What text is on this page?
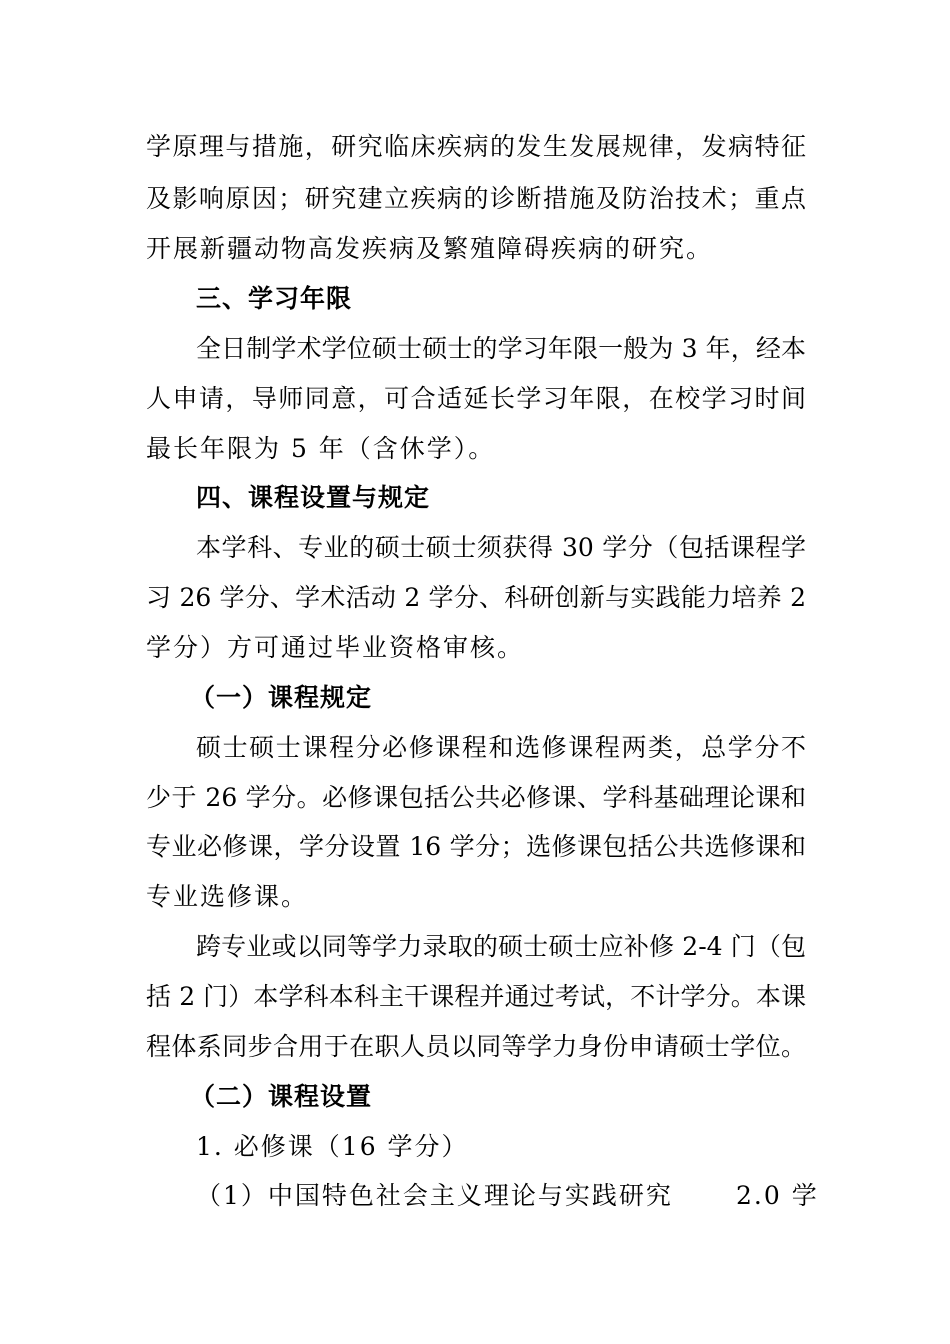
学原理与措施，研究临床疾病的发生发展规律，发病特征
及影响原因；研究建立疾病的诊断措施及防治技术；重点
开展新疆动物高发疾病及繁殖障碍疾病的研究。
三、学习年限
全日制学术学位硕士硕士的学习年限一般为 3 年，经本
人申请，导师同意，可合适延长学习年限，在校学习时间
最长年限为 5 年（含休学）。
四、课程设置与规定
本学科、专业的硕士硕士须获得 30 学分（包括课程学
习 26 学分、学术活动 2 学分、科研创新与实践能力培养 2
学分）方可通过毕业资格审核。
（一）课程规定
硕士硕士课程分必修课程和选修课程两类，总学分不
少于 26 学分。必修课包括公共必修课、学科基础理论课和
专业必修课，学分设置 16 学分；选修课包括公共选修课和
专业选修课。
跨专业或以同等学力录取的硕士硕士应补修 2-4 门（包
括 2 门）本学科本科主干课程并通过考试，不计学分。本课
程体系同步合用于在职人员以同等学力身份申请硕士学位。
（二）课程设置
1. 必修课（16 学分）
（1）中国特色社会主义理论与实践研究	2.0 学
